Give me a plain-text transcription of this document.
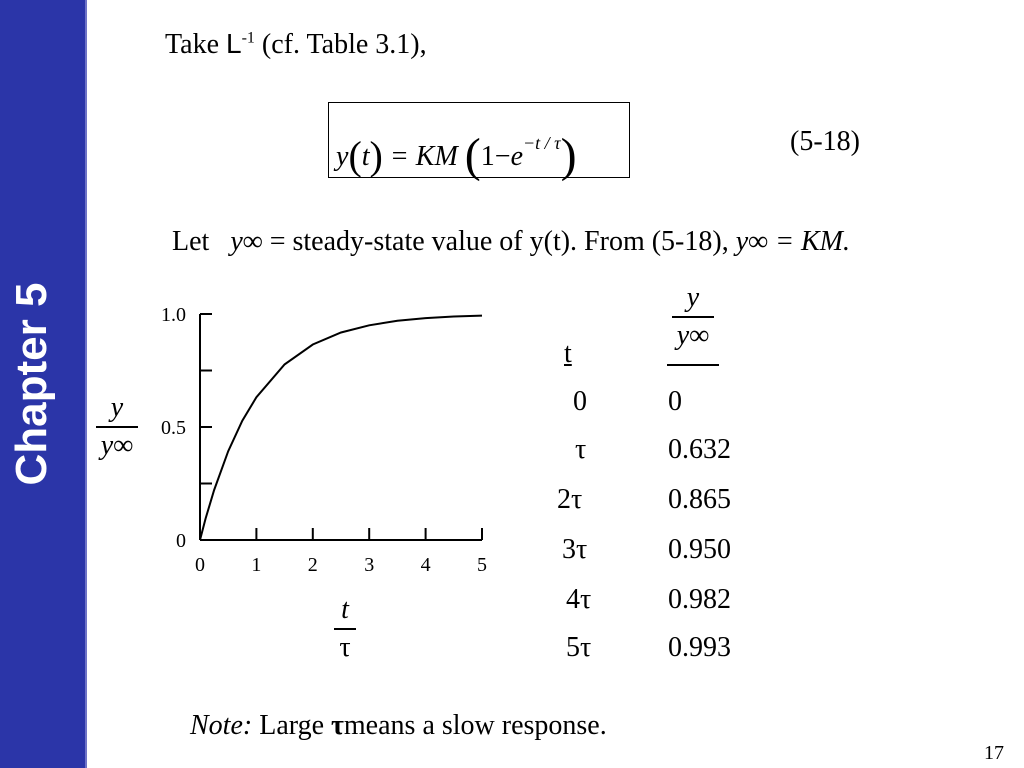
Chapter 5
Take $L^{-1}$ (cf. Table 3.1),
y(t) = KM $(1-e^{-t / \tau})$	(5-18)
Let y∞ = steady-state value of y(t). From (5-18), y∞ = KM.
0
0.5
1.0
0 1 2 3 4 5
y
y∞
t
τ
t
y
y∞
0	0
τ	0.632
2τ	0.865
3τ	0.950
4τ	0.982
5τ	0.993
Note: Large τmeans a slow response.
17
